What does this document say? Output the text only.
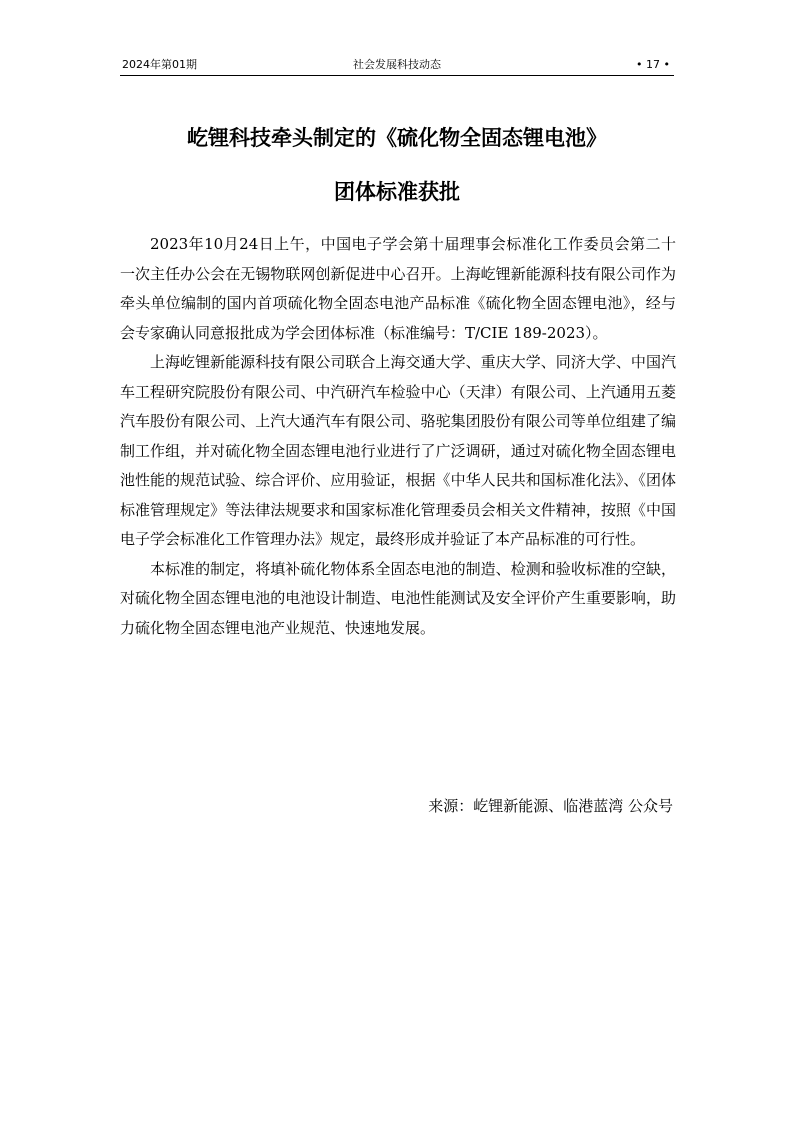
2024年第01期	社会发展科技动态	• 17 •
屹锂科技牵头制定的《硫化物全固态锂电池》
团体标准获批

2023年10月24日上午，中国电子学会第十届理事会标准化工作委员会第二十一次主任办公会在无锡物联网创新促进中心召开。上海屹锂新能源科技有限公司作为牵头单位编制的国内首项硫化物全固态电池产品标准《硫化物全固态锂电池》，经与会专家确认同意报批成为学会团体标准（标准编号：T/CIE 189-2023）。

上海屹锂新能源科技有限公司联合上海交通大学、重庆大学、同济大学、中国汽车工程研究院股份有限公司、中汽研汽车检验中心（天津）有限公司、上汽通用五菱汽车股份有限公司、上汽大通汽车有限公司、骆驼集团股份有限公司等单位组建了编制工作组，并对硫化物全固态锂电池行业进行了广泛调研，通过对硫化物全固态锂电池性能的规范试验、综合评价、应用验证，根据《中华人民共和国标准化法》、《团体标准管理规定》等法律法规要求和国家标准化管理委员会相关文件精神，按照《中国电子学会标准化工作管理办法》规定，最终形成并验证了本产品标准的可行性。

本标准的制定，将填补硫化物体系全固态电池的制造、检测和验收标准的空缺，对硫化物全固态锂电池的电池设计制造、电池性能测试及安全评价产生重要影响，助力硫化物全固态锂电池产业规范、快速地发展。

来源：屹锂新能源、临港蓝湾 公众号
